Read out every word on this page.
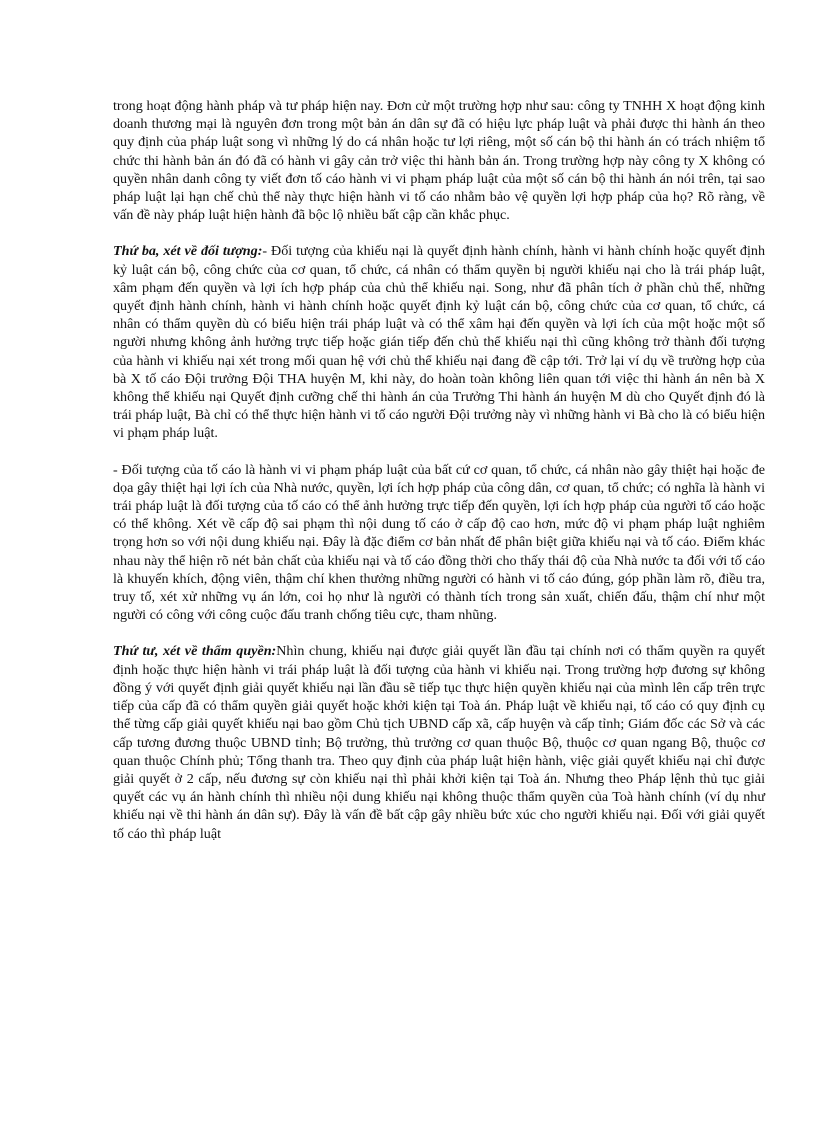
trong hoạt động hành pháp và tư pháp hiện nay. Đơn cử một trường hợp như sau: công ty TNHH X hoạt động kinh doanh thương mại là nguyên đơn trong một bản án dân sự đã có hiệu lực pháp luật và phải được thi hành án theo quy định của pháp luật song vì những lý do cá nhân hoặc tư lợi riêng, một số cán bộ thi hành án có trách nhiệm tổ chức thi hành bản án đó đã có hành vi gây cản trở việc thi hành bản án. Trong trường hợp này công ty X không có quyền nhân danh công ty viết đơn tố cáo hành vi vi phạm pháp luật của một số cán bộ thi hành án nói trên, tại sao pháp luật lại hạn chế chủ thể này thực hiện hành vi tố cáo nhằm bảo vệ quyền lợi hợp pháp của họ? Rõ ràng, về vấn đề này pháp luật hiện hành đã bộc lộ nhiều bất cập cần khắc phục.

Thứ ba, xét về đối tượng:- Đối tượng của khiếu nại là quyết định hành chính, hành vi hành chính hoặc quyết định kỷ luật cán bộ, công chức của cơ quan, tổ chức, cá nhân có thẩm quyền bị người khiếu nại cho là trái pháp luật, xâm phạm đến quyền và lợi ích hợp pháp của chủ thể khiếu nại. Song, như đã phân tích ở phần chủ thể, những quyết định hành chính, hành vi hành chính hoặc quyết định kỷ luật cán bộ, công chức của cơ quan, tổ chức, cá nhân có thẩm quyền dù có biểu hiện trái pháp luật và có thể xâm hại đến quyền và lợi ích của một hoặc một số người nhưng không ảnh hưởng trực tiếp hoặc gián tiếp đến chủ thể khiếu nại thì cũng không trở thành đối tượng của hành vi khiếu nại xét trong mối quan hệ với chủ thể khiếu nại đang đề cập tới. Trở lại ví dụ về trường hợp của bà X tố cáo Đội trưởng Đội THA huyện M, khi này, do hoàn toàn không liên quan tới việc thi hành án nên bà X không thể khiếu nại Quyết định cưỡng chế thi hành án của Trưởng Thi hành án huyện M dù cho Quyết định đó là trái pháp luật, Bà chỉ có thể thực hiện hành vi tố cáo người Đội trưởng này vì những hành vi Bà cho là có biểu hiện vi phạm pháp luật.

- Đối tượng của tố cáo là hành vi vi phạm pháp luật của bất cứ cơ quan, tổ chức, cá nhân nào gây thiệt hại hoặc đe dọa gây thiệt hại lợi ích của Nhà nước, quyền, lợi ích hợp pháp của công dân, cơ quan, tổ chức; có nghĩa là hành vi trái pháp luật là đối tượng của tố cáo có thể ảnh hưởng trực tiếp đến quyền, lợi ích hợp pháp của người tố cáo hoặc có thể không. Xét về cấp độ sai phạm thì nội dung tố cáo ở cấp độ cao hơn, mức độ vi phạm pháp luật nghiêm trọng hơn so với nội dung khiếu nại. Đây là đặc điểm cơ bản nhất để phân biệt giữa khiếu nại và tố cáo. Điểm khác nhau này thể hiện rõ nét bản chất của khiếu nại và tố cáo đồng thời cho thấy thái độ của Nhà nước ta đối với tố cáo là khuyến khích, động viên, thậm chí khen thưởng những người có hành vi tố cáo đúng, góp phần làm rõ, điều tra, truy tố, xét xử những vụ án lớn, coi họ như là người có thành tích trong sản xuất, chiến đấu, thậm chí như một người có công với công cuộc đấu tranh chống tiêu cực, tham nhũng.

Thứ tư, xét về thẩm quyền:Nhìn chung, khiếu nại được giải quyết lần đầu tại chính nơi có thẩm quyền ra quyết định hoặc thực hiện hành vi trái pháp luật là đối tượng của hành vi khiếu nại. Trong trường hợp đương sự không đồng ý với quyết định giải quyết khiếu nại lần đầu sẽ tiếp tục thực hiện quyền khiếu nại của mình lên cấp trên trực tiếp của cấp đã có thẩm quyền giải quyết hoặc khởi kiện tại Toà án. Pháp luật về khiếu nại, tố cáo có quy định cụ thể từng cấp giải quyết khiếu nại bao gồm Chủ tịch UBND cấp xã, cấp huyện và cấp tỉnh; Giám đốc các Sở và các cấp tương đương thuộc UBND tỉnh; Bộ trưởng, thủ trưởng cơ quan thuộc Bộ, thuộc cơ quan ngang Bộ, thuộc cơ quan thuộc Chính phủ; Tổng thanh tra. Theo quy định của pháp luật hiện hành, việc giải quyết khiếu nại chỉ được giải quyết ở 2 cấp, nếu đương sự còn khiếu nại thì phải khởi kiện tại Toà án. Nhưng theo Pháp lệnh thủ tục giải quyết các vụ án hành chính thì nhiều nội dung khiếu nại không thuộc thẩm quyền của Toà hành chính (ví dụ như khiếu nại về thi hành án dân sự). Đây là vấn đề bất cập gây nhiều bức xúc cho người khiếu nại. Đối với giải quyết tố cáo thì pháp luật
